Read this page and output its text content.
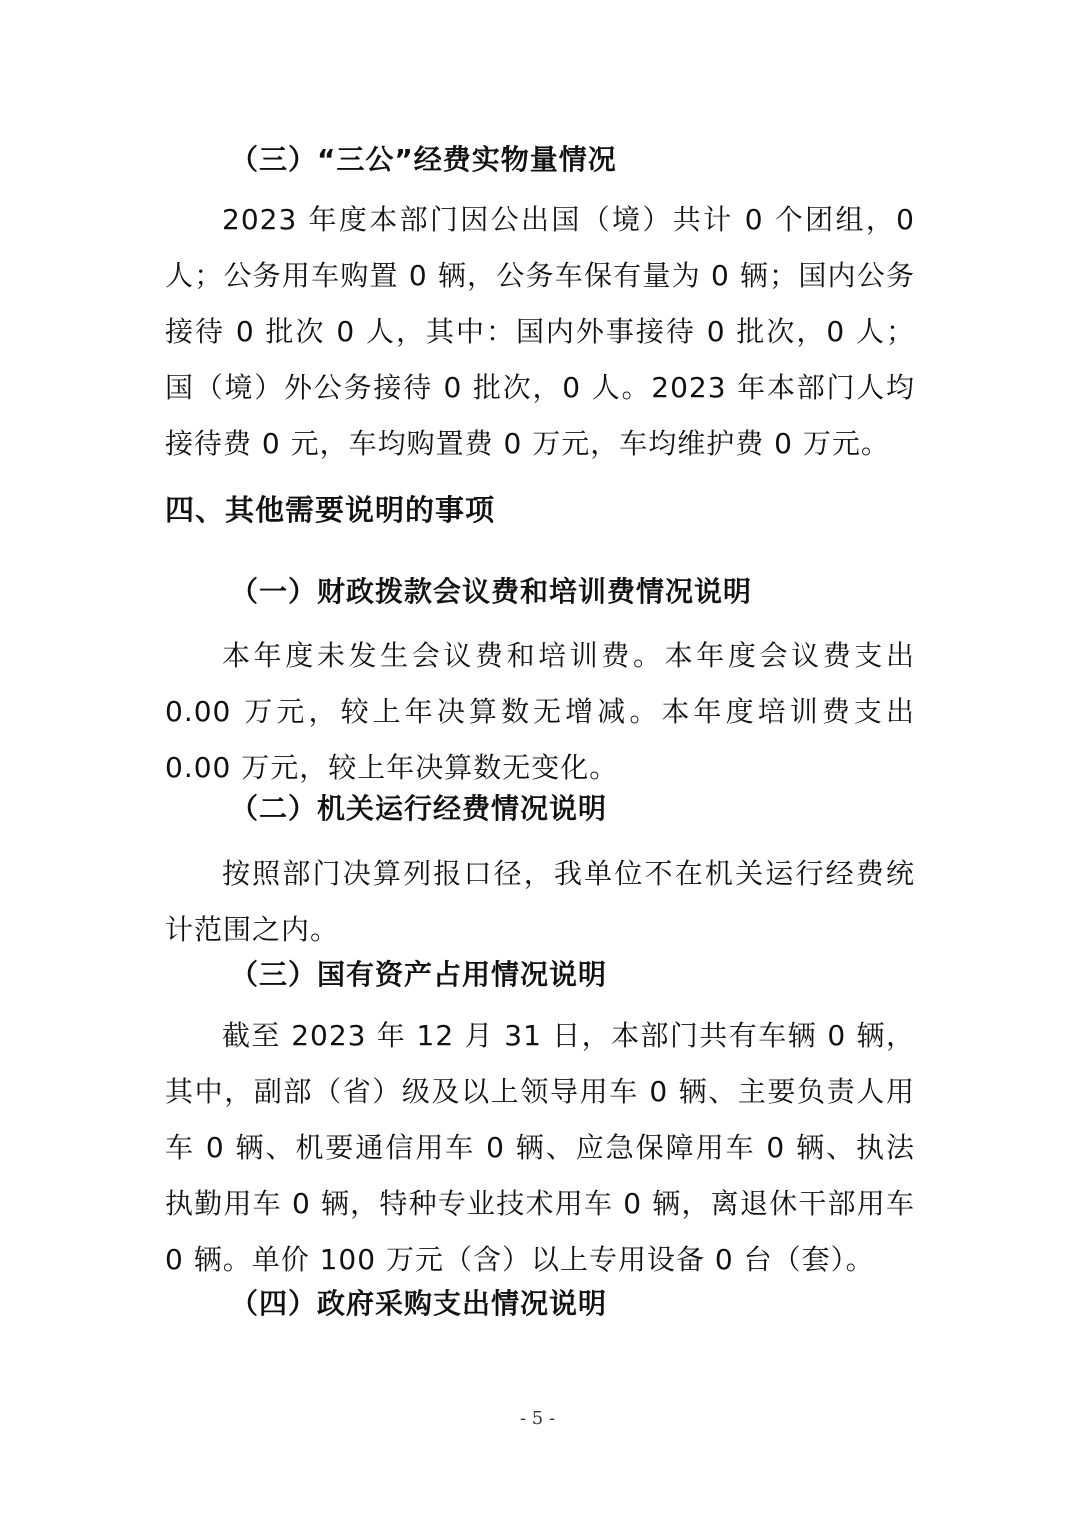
（三）“三公”经费实物量情况

2023 年度本部门因公出国（境）共计 0 个团组，0 人；公务用车购置 0 辆，公务车保有量为 0 辆；国内公务接待 0 批次 0 人，其中：国内外事接待 0 批次，0 人；国（境）外公务接待 0 批次，0 人。2023 年本部门人均接待费 0 元，车均购置费 0 万元，车均维护费 0 万元。

四、其他需要说明的事项
（一）财政拨款会议费和培训费情况说明

本年度未发生会议费和培训费。本年度会议费支出 0.00 万元，较上年决算数无增减。本年度培训费支出 0.00 万元，较上年决算数无变化。

（二）机关运行经费情况说明

按照部门决算列报口径，我单位不在机关运行经费统计范围之内。

（三）国有资产占用情况说明

截至 2023 年 12 月 31 日，本部门共有车辆 0 辆，其中，副部（省）级及以上领导用车 0 辆、主要负责人用车 0 辆、机要通信用车 0 辆、应急保障用车 0 辆、执法执勤用车 0 辆，特种专业技术用车 0 辆，离退休干部用车 0 辆。单价 100 万元（含）以上专用设备 0 台（套）。

（四）政府采购支出情况说明
- 5 -
